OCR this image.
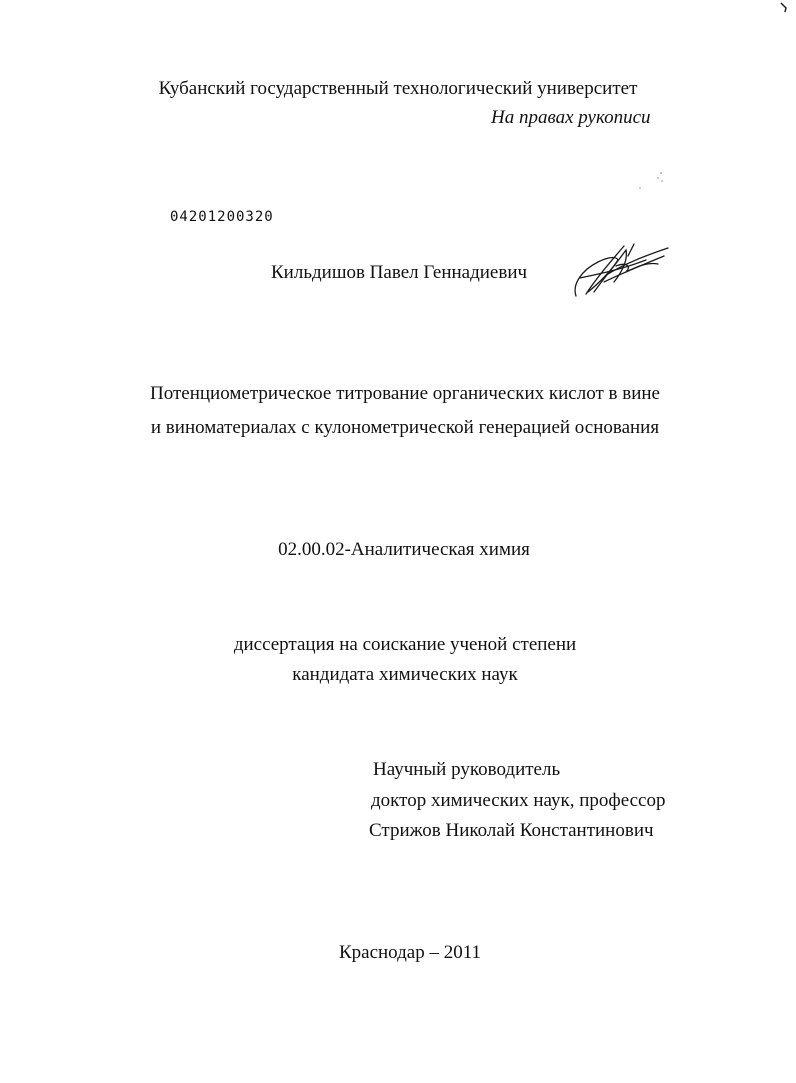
Кубанский государственный технологический университет
На правах рукописи
04201200320
Кильдишов Павел Геннадиевич
Потенциометрическое титрование органических кислот в вине
и виноматериалах с кулонометрической генерацией основания
02.00.02-Аналитическая химия
диссертация на соискание ученой степени
кандидата химических наук
Научный руководитель
доктор химических наук, профессор
Стрижов Николай Константинович
Краснодар – 2011
